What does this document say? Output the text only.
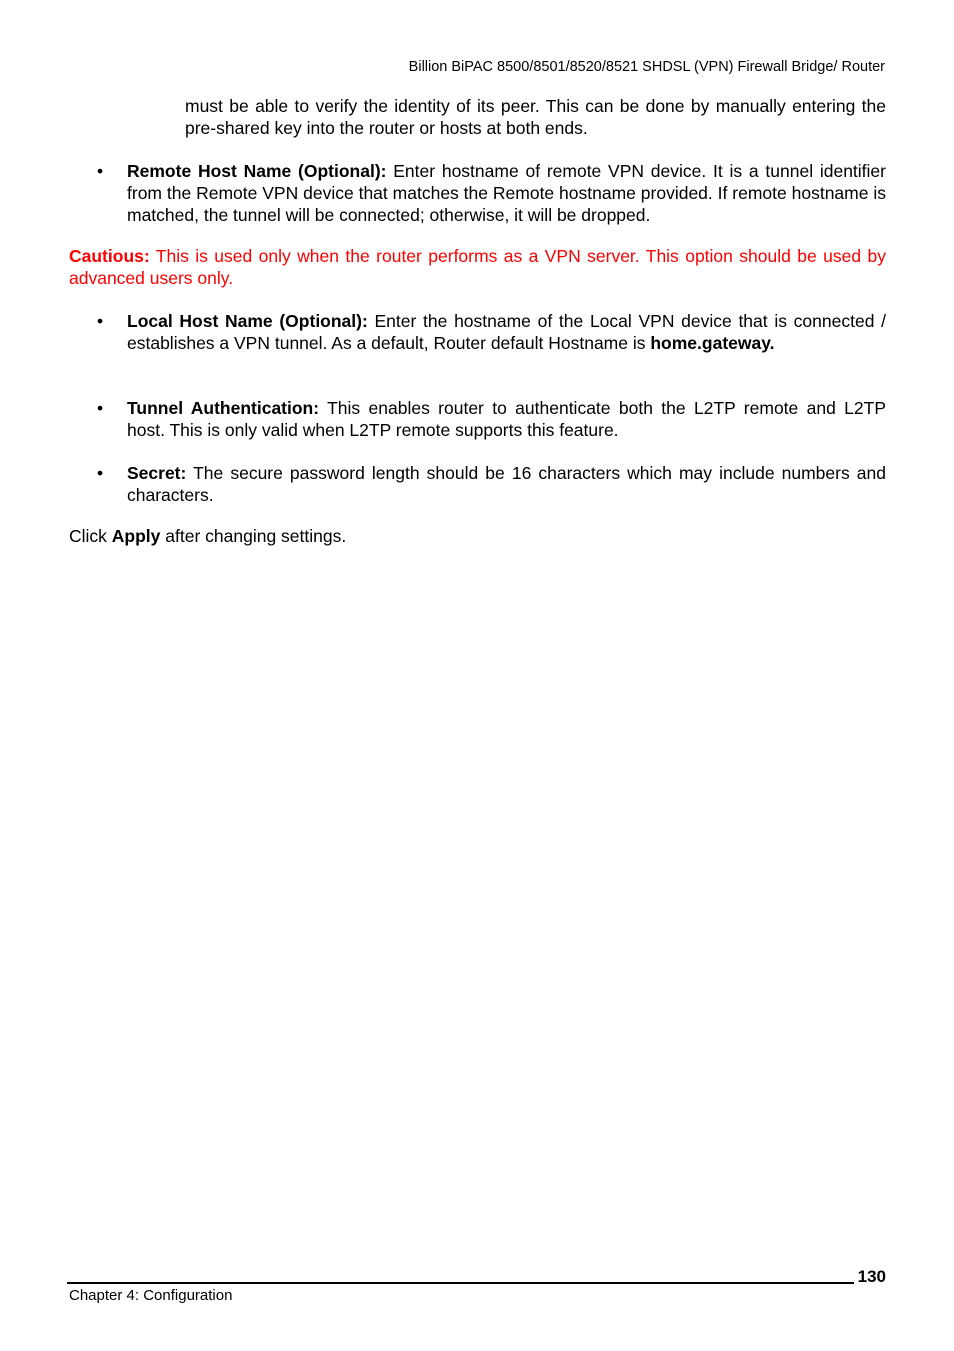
Billion BiPAC 8500/8501/8520/8521 SHDSL (VPN) Firewall Bridge/ Router

must be able to verify the identity of its peer. This can be done by manually entering the pre-shared key into the router or hosts at both ends.

•	Remote Host Name (Optional): Enter hostname of remote VPN device. It is a tunnel identifier from the Remote VPN device that matches the Remote hostname provided. If remote hostname is matched, the tunnel will be connected; otherwise, it will be dropped.

Cautious: This is used only when the router performs as a VPN server. This option should be used by advanced users only.

•	Local Host Name (Optional): Enter the hostname of the Local VPN device that is connected / establishes a VPN tunnel. As a default, Router default Hostname is home.gateway.
•	Tunnel Authentication: This enables router to authenticate both the L2TP remote and L2TP host. This is only valid when L2TP remote supports this feature.
•	Secret: The secure password length should be 16 characters which may include numbers and characters.

Click Apply after changing settings.

130
Chapter 4: Configuration
